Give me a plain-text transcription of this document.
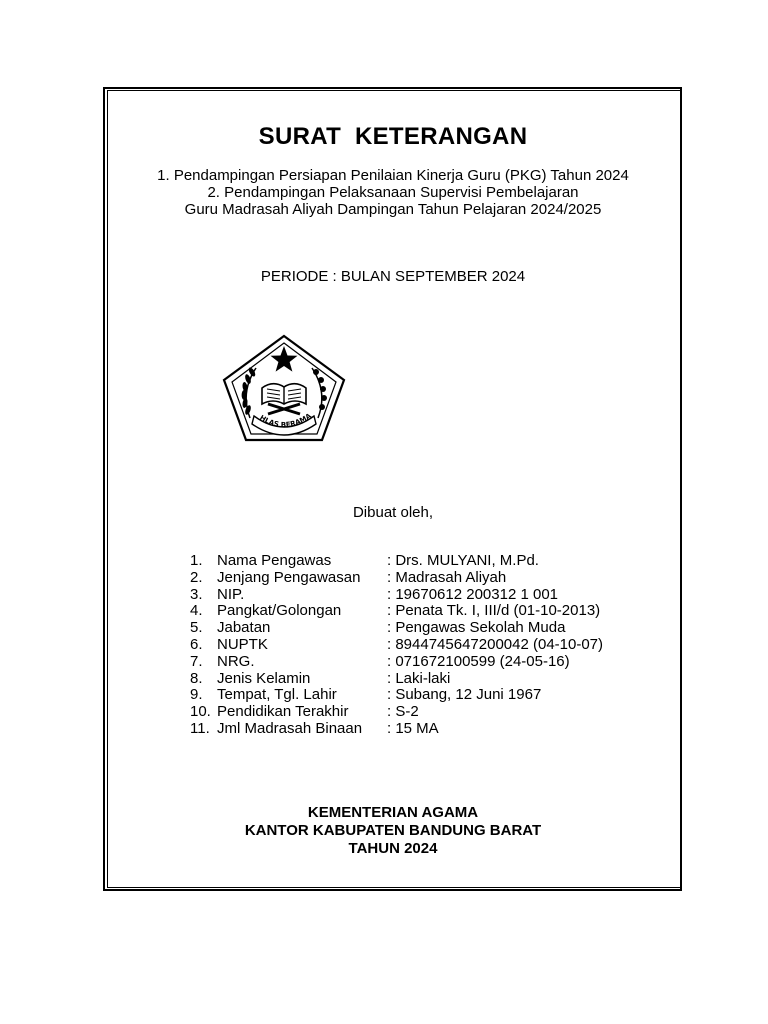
SURAT  KETERANGAN
1. Pendampingan Persiapan Penilaian Kinerja Guru (PKG) Tahun 2024
2. Pendampingan Pelaksanaan Supervisi Pembelajaran
Guru Madrasah Aliyah Dampingan Tahun Pelajaran 2024/2025
PERIODE : BULAN SEPTEMBER 2024
HLAS BERAMA
Dibuat oleh,
1. Nama Pengawas	: Drs. MULYANI, M.Pd.
2. Jenjang Pengawasan : Madrasah Aliyah
3. NIP.	: 19670612 200312 1 001
4. Pangkat/Golongan	: Penata Tk. I, III/d (01-10-2013)
5. Jabatan	: Pengawas Sekolah Muda
6. NUPTK	: 8944745647200042 (04-10-07)
7. NRG.	: 071672100599 (24-05-16)
8. Jenis Kelamin	: Laki-laki
9. Tempat, Tgl. Lahir	: Subang, 12 Juni 1967
10. Pendidikan Terakhir	: S-2
11. Jml Madrasah Binaan : 15 MA
KEMENTERIAN AGAMA
KANTOR KABUPATEN BANDUNG BARAT
TAHUN 2024
